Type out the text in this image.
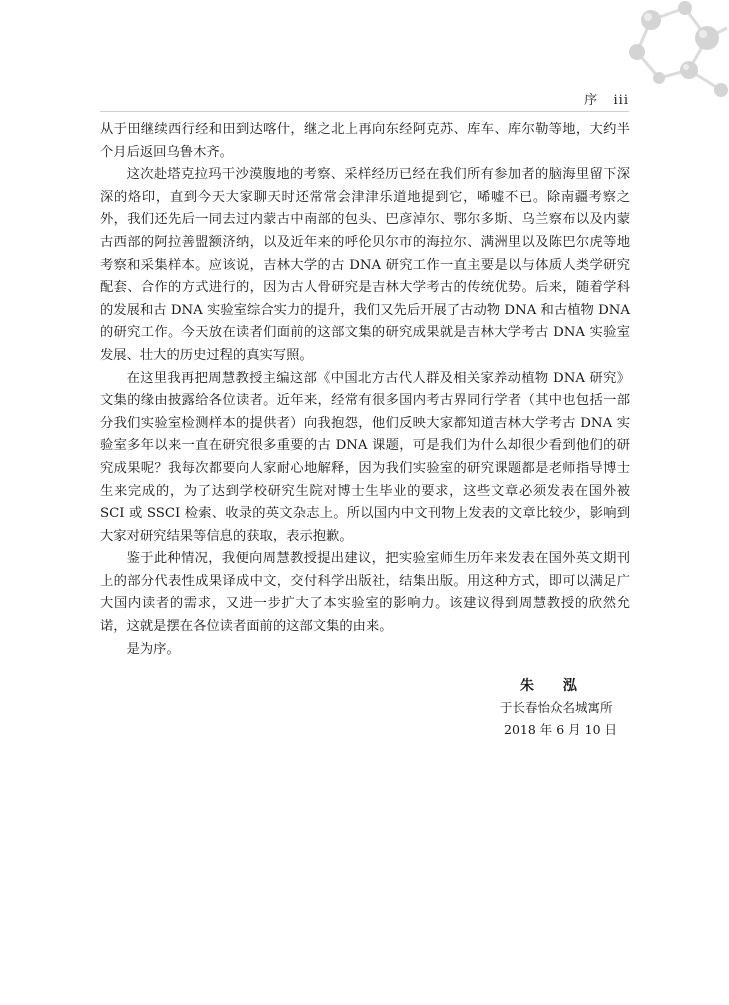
序 iii

从于田继续西行经和田到达喀什，继之北上再向东经阿克苏、库车、库尔勒等地，大约半个月后返回乌鲁木齐。

这次赴塔克拉玛干沙漠腹地的考察、采样经历已经在我们所有参加者的脑海里留下深深的烙印，直到今天大家聊天时还常常会津津乐道地提到它，唏嘘不已。除南疆考察之外，我们还先后一同去过内蒙古中南部的包头、巴彦淖尔、鄂尔多斯、乌兰察布以及内蒙古西部的阿拉善盟额济纳，以及近年来的呼伦贝尔市的海拉尔、满洲里以及陈巴尔虎等地考察和采集样本。应该说，吉林大学的古 DNA 研究工作一直主要是以与体质人类学研究配套、合作的方式进行的，因为古人骨研究是吉林大学考古的传统优势。后来，随着学科的发展和古 DNA 实验室综合实力的提升，我们又先后开展了古动物 DNA 和古植物 DNA 的研究工作。今天放在读者们面前的这部文集的研究成果就是吉林大学考古 DNA 实验室发展、壮大的历史过程的真实写照。

在这里我再把周慧教授主编这部《中国北方古代人群及相关家养动植物 DNA 研究》文集的缘由披露给各位读者。近年来，经常有很多国内考古界同行学者（其中也包括一部分我们实验室检测样本的提供者）向我抱怨，他们反映大家都知道吉林大学考古 DNA 实验室多年以来一直在研究很多重要的古 DNA 课题，可是我们为什么却很少看到他们的研究成果呢？我每次都要向人家耐心地解释，因为我们实验室的研究课题都是老师指导博士生来完成的，为了达到学校研究生院对博士生毕业的要求，这些文章必须发表在国外被 SCI 或 SSCI 检索、收录的英文杂志上。所以国内中文刊物上发表的文章比较少，影响到大家对研究结果等信息的获取，表示抱歉。

鉴于此种情况，我便向周慧教授提出建议，把实验室师生历年来发表在国外英文期刊上的部分代表性成果译成中文，交付科学出版社，结集出版。用这种方式，即可以满足广大国内读者的需求，又进一步扩大了本实验室的影响力。该建议得到周慧教授的欣然允诺，这就是摆在各位读者面前的这部文集的由来。

是为序。

朱 泓
于长春怡众名城寓所
2018 年 6 月 10 日
